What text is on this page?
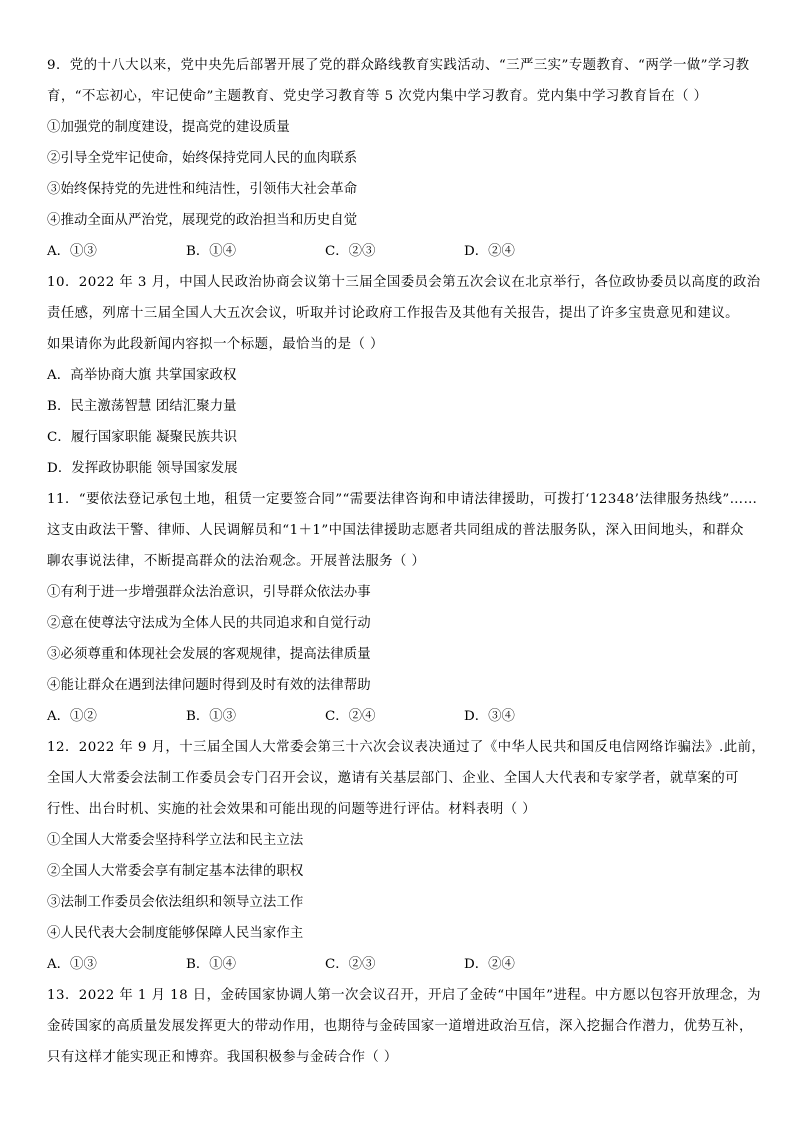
9．党的十八大以来，党中央先后部署开展了党的群众路线教育实践活动、“三严三实”专题教育、“两学一做”学习教
育，“不忘初心，牢记使命”主题教育、党史学习教育等 5 次党内集中学习教育。党内集中学习教育旨在（ ）
①加强党的制度建设，提高党的建设质量
②引导全党牢记使命，始终保持党同人民的血肉联系
③始终保持党的先进性和纯洁性，引领伟大社会革命
④推动全面从严治党，展现党的政治担当和历史自觉
A．①③	B．①④	C．②③	D．②④
10．2022 年 3 月，中国人民政治协商会议第十三届全国委员会第五次会议在北京举行，各位政协委员以高度的政治
责任感，列席十三届全国人大五次会议，听取并讨论政府工作报告及其他有关报告，提出了许多宝贵意见和建议。
如果请你为此段新闻内容拟一个标题，最恰当的是（ ）
A．高举协商大旗 共掌国家政权
B．民主激荡智慧 团结汇聚力量
C．履行国家职能 凝聚民族共识
D．发挥政协职能 领导国家发展
11．“要依法登记承包土地，租赁一定要签合同”“需要法律咨询和申请法律援助，可拨打‘12348’法律服务热线”……
这支由政法干警、律师、人民调解员和“1＋1”中国法律援助志愿者共同组成的普法服务队，深入田间地头，和群众
聊农事说法律，不断提高群众的法治观念。开展普法服务（ ）
①有利于进一步增强群众法治意识，引导群众依法办事
②意在使尊法守法成为全体人民的共同追求和自觉行动
③必须尊重和体现社会发展的客观规律，提高法律质量
④能让群众在遇到法律问题时得到及时有效的法律帮助
A．①②	B．①③	C．②④	D．③④
12．2022 年 9 月，十三届全国人大常委会第三十六次会议表决通过了《中华人民共和国反电信网络诈骗法》.此前，
全国人大常委会法制工作委员会专门召开会议，邀请有关基层部门、企业、全国人大代表和专家学者，就草案的可
行性、出台时机、实施的社会效果和可能出现的问题等进行评估。材料表明（ ）
①全国人大常委会坚持科学立法和民主立法
②全国人大常委会享有制定基本法律的职权
③法制工作委员会依法组织和领导立法工作
④人民代表大会制度能够保障人民当家作主
A．①③	B．①④	C．②③	D．②④
13．2022 年 1 月 18 日，金砖国家协调人第一次会议召开，开启了金砖“中国年”进程。中方愿以包容开放理念，为
金砖国家的高质量发展发挥更大的带动作用，也期待与金砖国家一道增进政治互信，深入挖掘合作潜力，优势互补，
只有这样才能实现正和博弈。我国积极参与金砖合作（ ）
